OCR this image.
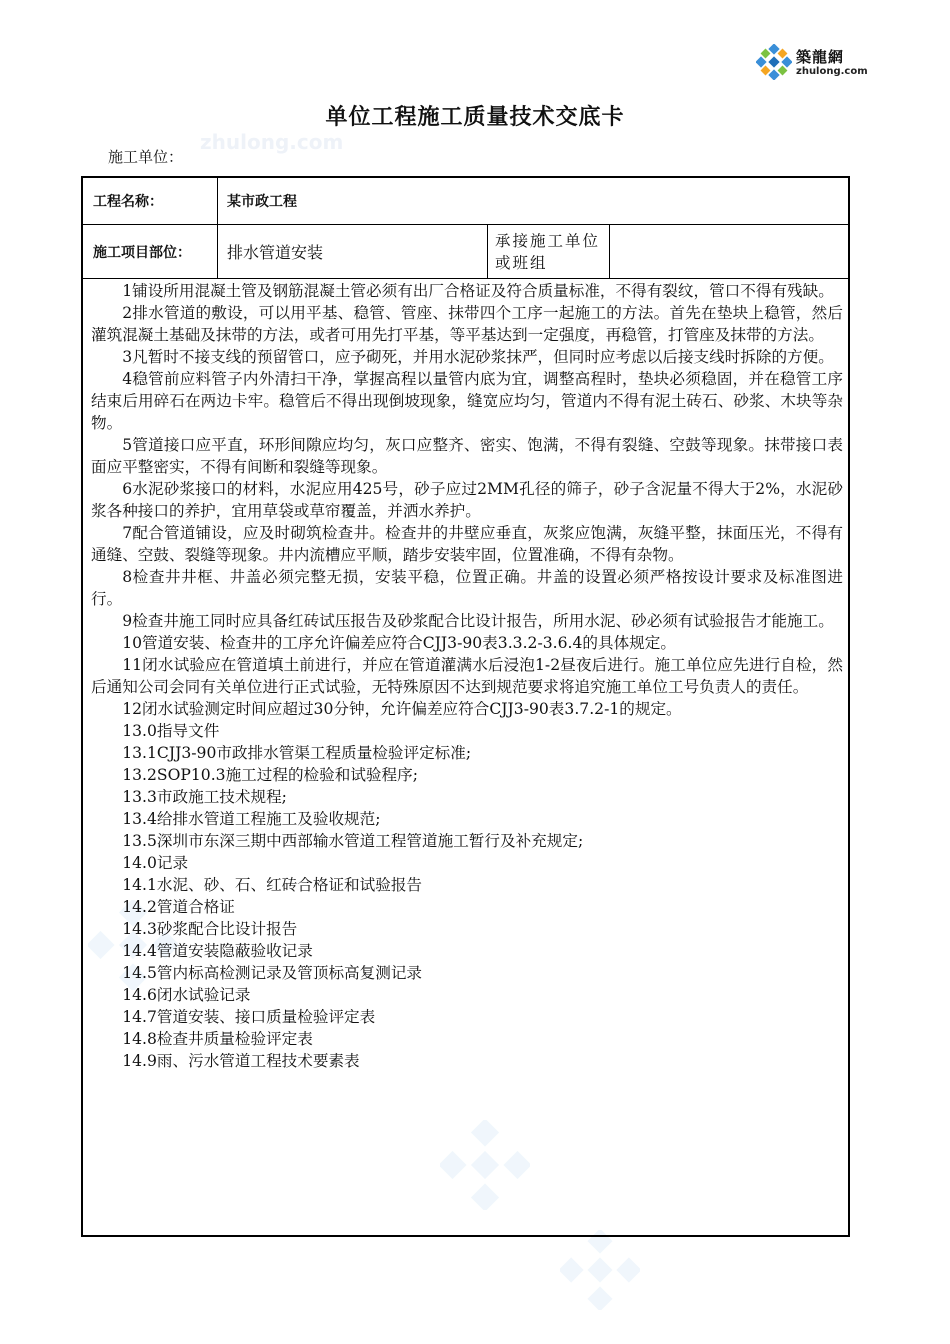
築龍網
zhulong.com
单位工程施工质量技术交底卡
zhulong.com
施工单位：
工程名称：	某市政工程
施工项目部位： 排水管道安装
承接施工单位或班组

1铺设所用混凝土管及钢筋混凝土管必须有出厂合格证及符合质量标准，不得有裂纹，管口不得有残缺。

2排水管道的敷设，可以用平基、稳管、管座、抹带四个工序一起施工的方法。首先在垫块上稳管，然后灌筑混凝土基础及抹带的方法，或者可用先打平基，等平基达到一定强度，再稳管，打管座及抹带的方法。

3凡暂时不接支线的预留管口，应予砌死，并用水泥砂浆抹严，但同时应考虑以后接支线时拆除的方便。

4稳管前应料管子内外清扫干净，掌握高程以量管内底为宜，调整高程时，垫块必须稳固，并在稳管工序结束后用碎石在两边卡牢。稳管后不得出现倒坡现象，缝宽应均匀，管道内不得有泥土砖石、砂浆、木块等杂物。

5管道接口应平直，环形间隙应均匀，灰口应整齐、密实、饱满，不得有裂缝、空鼓等现象。抹带接口表面应平整密实，不得有间断和裂缝等现象。

6水泥砂浆接口的材料，水泥应用425号，砂子应过2MM孔径的筛子，砂子含泥量不得大于2%，水泥砂浆各种接口的养护，宜用草袋或草帘覆盖，并洒水养护。

7配合管道铺设，应及时砌筑检查井。检查井的井壁应垂直，灰浆应饱满，灰缝平整，抹面压光，不得有通缝、空鼓、裂缝等现象。井内流槽应平顺，踏步安装牢固，位置准确，不得有杂物。

8检查井井框、井盖必须完整无损，安装平稳，位置正确。井盖的设置必须严格按设计要求及标准图进行。

9检查井施工同时应具备红砖试压报告及砂浆配合比设计报告，所用水泥、砂必须有试验报告才能施工。

10管道安装、检查井的工序允许偏差应符合CJJ3-90表3.3.2-3.6.4的具体规定。

11闭水试验应在管道填土前进行，并应在管道灌满水后浸泡1-2昼夜后进行。施工单位应先进行自检，然后通知公司会同有关单位进行正式试验，无特殊原因不达到规范要求将追究施工单位工号负责人的责任。

12闭水试验测定时间应超过30分钟，允许偏差应符合CJJ3-90表3.7.2-1的规定。

13.0指导文件

13.1CJJ3-90市政排水管渠工程质量检验评定标准;

13.2SOP10.3施工过程的检验和试验程序;

13.3市政施工技术规程;

13.4给排水管道工程施工及验收规范;

13.5深圳市东深三期中西部输水管道工程管道施工暂行及补充规定;

14.0记录

14.1水泥、砂、石、红砖合格证和试验报告

14.2管道合格证

14.3砂浆配合比设计报告

14.4管道安装隐蔽验收记录

14.5管内标高检测记录及管顶标高复测记录

14.6闭水试验记录

14.7管道安装、接口质量检验评定表

14.8检查井质量检验评定表

14.9雨、污水管道工程技术要素表
